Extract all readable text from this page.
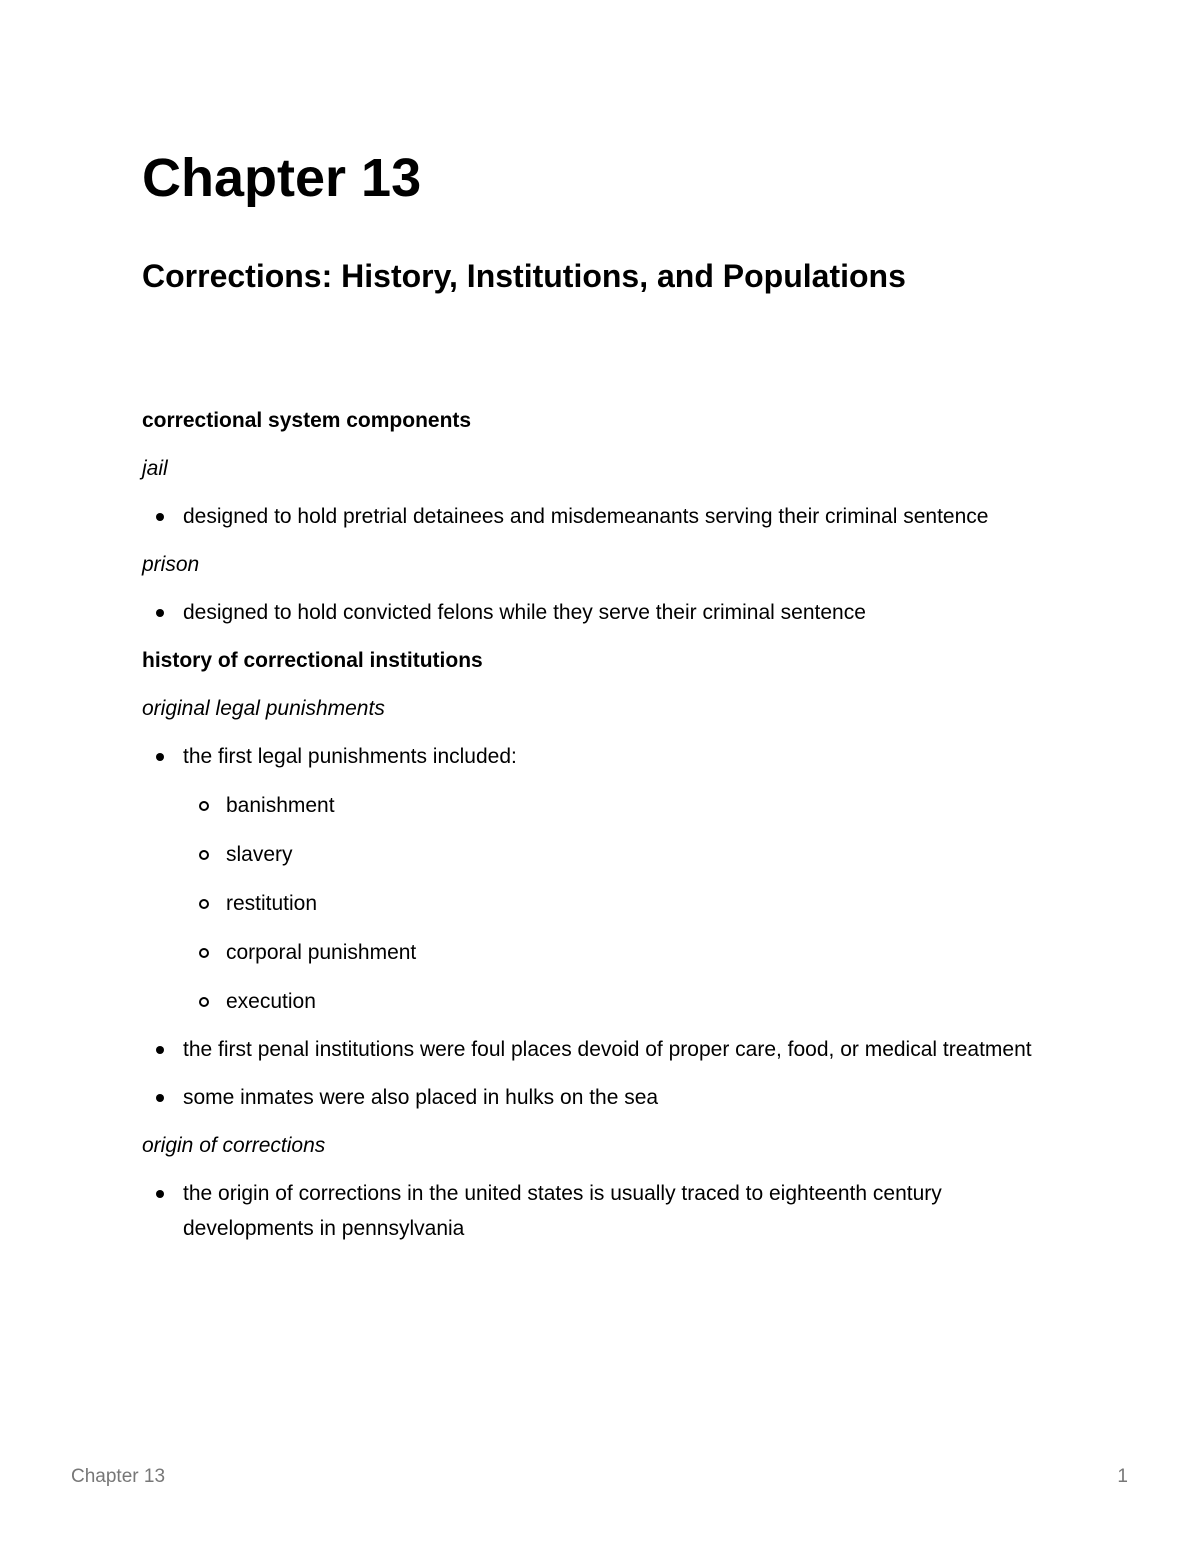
Chapter 13
Corrections: History, Institutions, and Populations

correctional system components

jail

designed to hold pretrial detainees and misdemeanants serving their criminal sentence

prison

designed to hold convicted felons while they serve their criminal sentence

history of correctional institutions

original legal punishments

the first legal punishments included:
banishment
slavery
restitution
corporal punishment
execution
the first penal institutions were foul places devoid of proper care, food, or medical treatment
some inmates were also placed in hulks on the sea

origin of corrections

the origin of corrections in the united states is usually traced to eighteenth century developments in pennsylvania
Chapter 13	1
